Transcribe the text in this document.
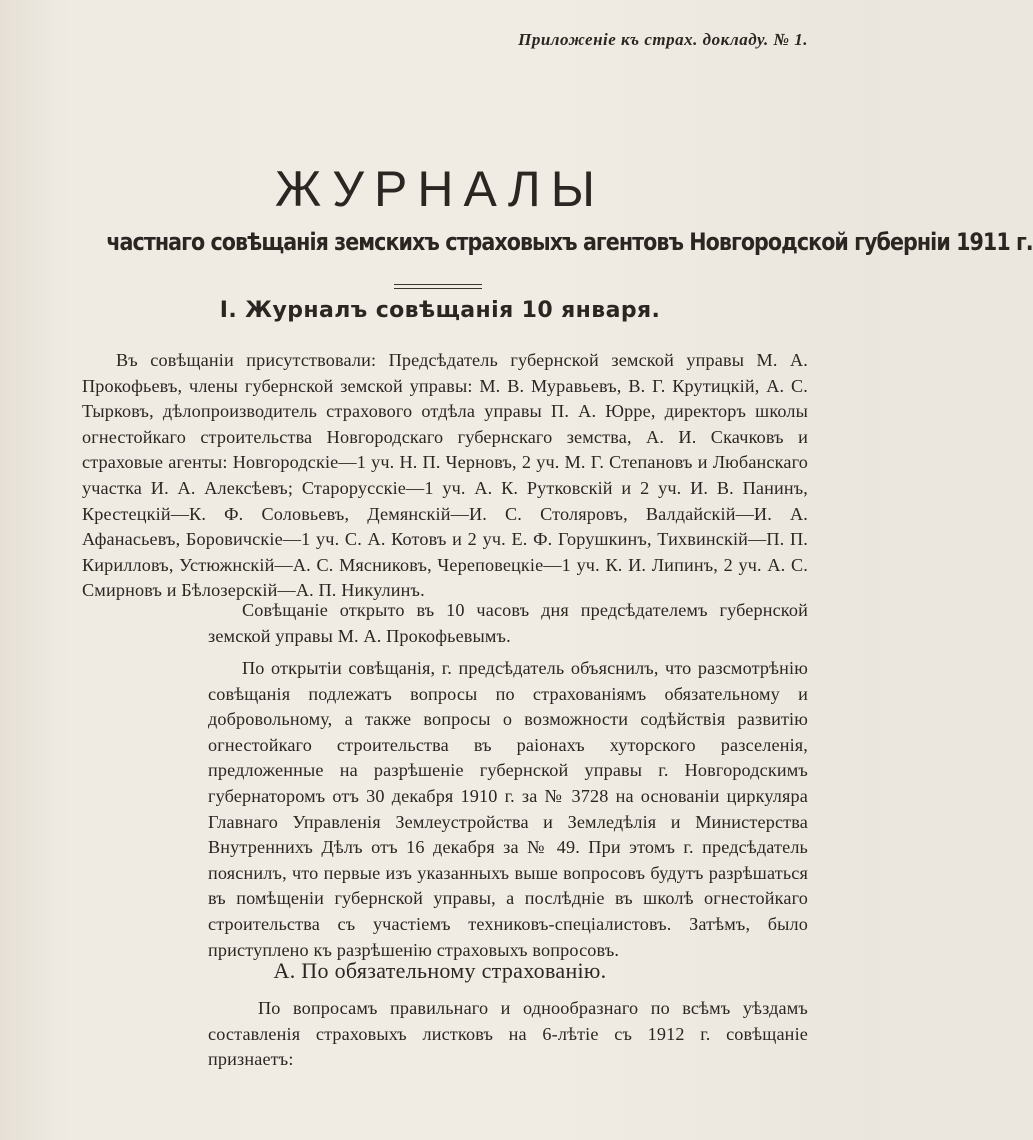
Приложеніе къ страх. докладу. № 1.
ЖУРНАЛЫ
частнаго совѣщанія земскихъ страховыхъ агентовъ Новгородской губерніи 1911 г.
I. Журналъ совѣщанія 10 января.

Въ совѣщаніи присутствовали: Предсѣдатель губернской земской управы М. А. Прокофьевъ, члены губернской земской управы: М. В. Муравьевъ, В. Г. Крутицкій, А. С. Тырковъ, дѣлопроизводитель страхового отдѣла управы П. А. Юрре, директоръ школы огнестойкаго строительства Новгородскаго губернскаго земства, А. И. Скачковъ и страховые агенты: Новгородскіе—1 уч. Н. П. Черновъ, 2 уч. М. Г. Степановъ и Любанскаго участка И. А. Алексѣевъ; Старорусскіе—1 уч. А. К. Рутковскій и 2 уч. И. В. Панинъ, Крестецкій—К. Ф. Соловьевъ, Демянскій—И. С. Столяровъ, Валдайскій—И. А. Афанасьевъ, Боровичскіе—1 уч. С. А. Котовъ и 2 уч. Е. Ф. Горушкинъ, Тихвинскій—П. П. Кирилловъ, Устюжнскій—А. С. Мясниковъ, Череповецкіе—1 уч. К. И. Липинъ, 2 уч. А. С. Смирновъ и Бѣлозерскій—А. П. Никулинъ.

Совѣщаніе открыто въ 10 часовъ дня предсѣдателемъ губернской земской управы М. А. Прокофьевымъ.

По открытіи совѣщанія, г. предсѣдатель объяснилъ, что разсмотрѣнію совѣщанія подлежатъ вопросы по страхованіямъ обязательному и добровольному, а также вопросы о возможности содѣйствія развитію огнестойкаго строительства въ раіонахъ хуторского разселенія, предложенные на разрѣшеніе губернской управы г. Новгородскимъ губернаторомъ отъ 30 декабря 1910 г. за № 3728 на основаніи циркуляра Главнаго Управленія Землеустройства и Земледѣлія и Министерства Внутреннихъ Дѣлъ отъ 16 декабря за № 49. При этомъ г. предсѣдатель пояснилъ, что первые изъ указанныхъ выше вопросовъ будутъ разрѣшаться въ помѣщеніи губернской управы, а послѣдніе въ школѣ огнестойкаго строительства съ участіемъ техниковъ-спеціалистовъ. Затѣмъ, было приступлено къ разрѣшенію страховыхъ вопросовъ.

А. По обязательному страхованію.

По вопросамъ правильнаго и однообразнаго по всѣмъ уѣздамъ составленія страховыхъ листковъ на 6-лѣтіе съ 1912 г. совѣщаніе признаетъ:
